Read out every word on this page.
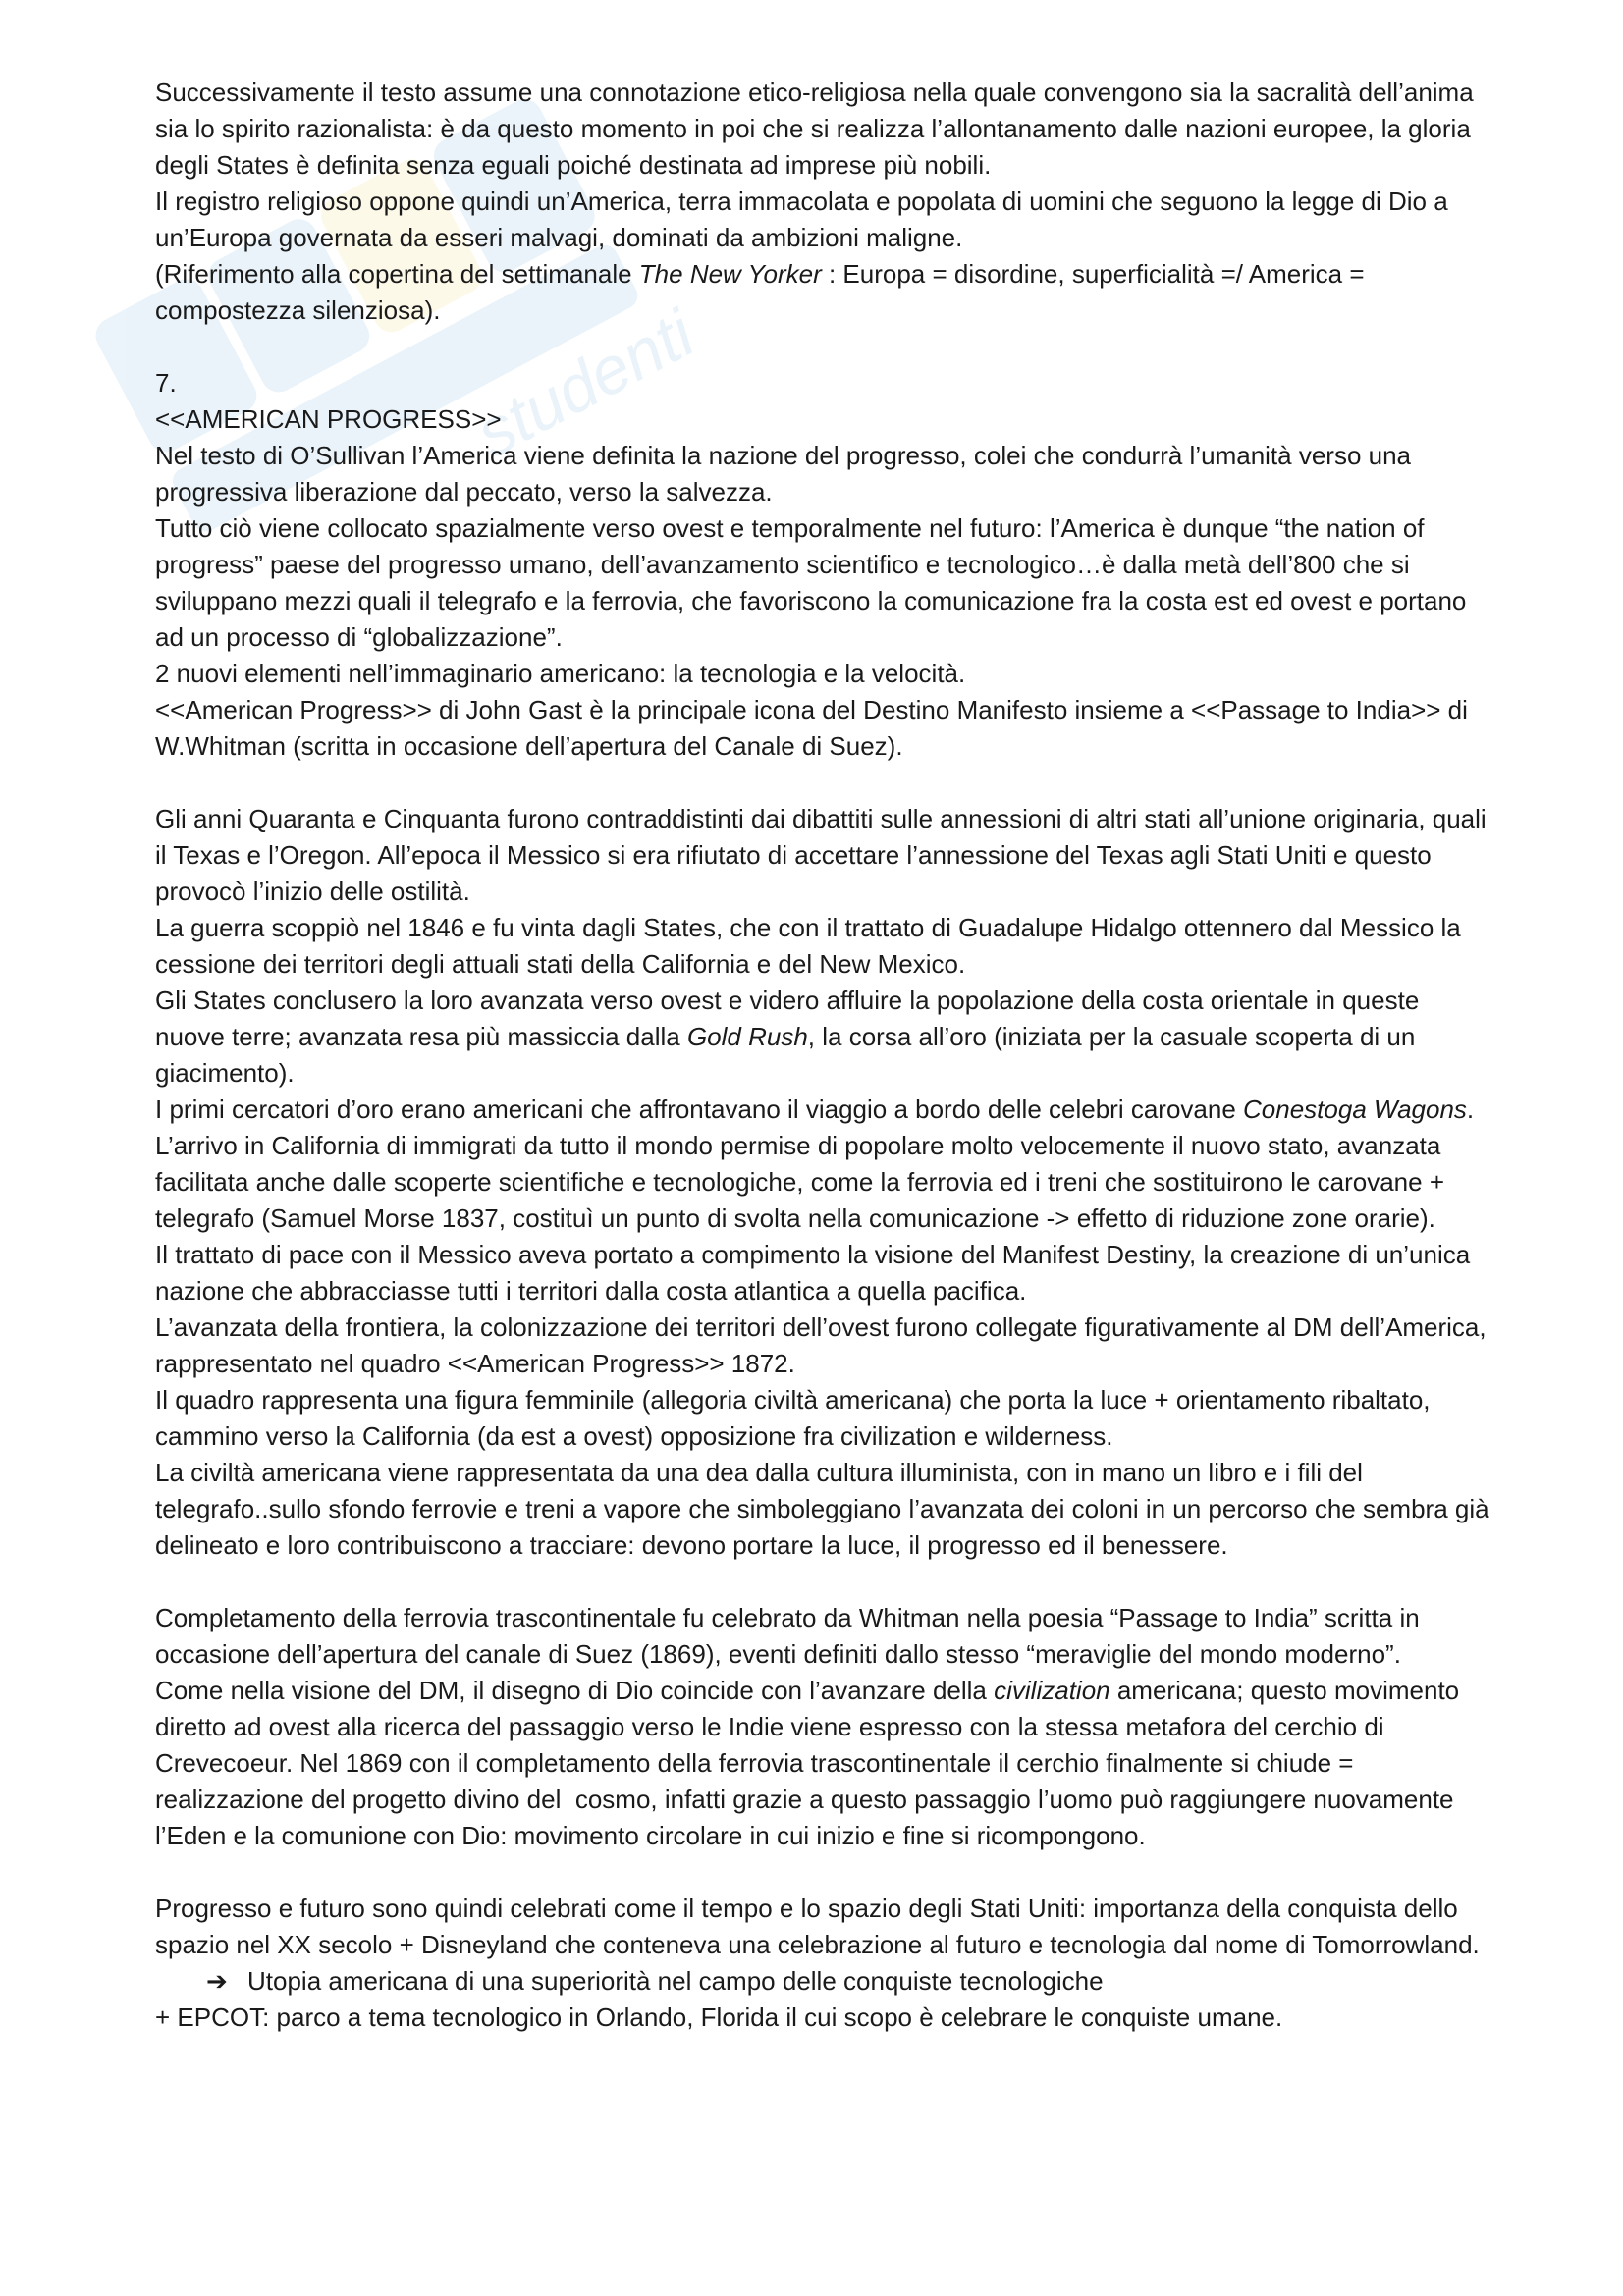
studenti

Successivamente il testo assume una connotazione etico-religiosa nella quale convengono sia la sacralità dell’anima sia lo spirito razionalista: è da questo momento in poi che si realizza l’allontanamento dalle nazioni europee, la gloria degli States è definita senza eguali poiché destinata ad imprese più nobili.

Il registro religioso oppone quindi un’America, terra immacolata e popolata di uomini che seguono la legge di Dio a un’Europa governata da esseri malvagi, dominati da ambizioni maligne.

(Riferimento alla copertina del settimanale The New Yorker : Europa = disordine, superficialità =/ America = compostezza silenziosa).

7.

<<AMERICAN PROGRESS>>

Nel testo di O’Sullivan l’America viene definita la nazione del progresso, colei che condurrà l’umanità verso una progressiva liberazione dal peccato, verso la salvezza.

Tutto ciò viene collocato spazialmente verso ovest e temporalmente nel futuro: l’America è dunque “the nation of progress” paese del progresso umano, dell’avanzamento scientifico e tecnologico…è dalla metà dell’800 che si sviluppano mezzi quali il telegrafo e la ferrovia, che favoriscono la comunicazione fra la costa est ed ovest e portano ad un processo di “globalizzazione”.

2 nuovi elementi nell’immaginario americano: la tecnologia e la velocità.

<<American Progress>> di John Gast è la principale icona del Destino Manifesto insieme a <<Passage to India>> di W.Whitman (scritta in occasione dell’apertura del Canale di Suez).

Gli anni Quaranta e Cinquanta furono contraddistinti dai dibattiti sulle annessioni di altri stati all’unione originaria, quali il Texas e l’Oregon. All’epoca il Messico si era rifiutato di accettare l’annessione del Texas agli Stati Uniti e questo provocò l’inizio delle ostilità.

La guerra scoppiò nel 1846 e fu vinta dagli States, che con il trattato di Guadalupe Hidalgo ottennero dal Messico la cessione dei territori degli attuali stati della California e del New Mexico.

Gli States conclusero la loro avanzata verso ovest e videro affluire la popolazione della costa orientale in queste nuove terre; avanzata resa più massiccia dalla Gold Rush, la corsa all’oro (iniziata per la casuale scoperta di un giacimento).

I primi cercatori d’oro erano americani che affrontavano il viaggio a bordo delle celebri carovane Conestoga Wagons.

L’arrivo in California di immigrati da tutto il mondo permise di popolare molto velocemente il nuovo stato, avanzata facilitata anche dalle scoperte scientifiche e tecnologiche, come la ferrovia ed i treni che sostituirono le carovane + telegrafo (Samuel Morse 1837, costituì un punto di svolta nella comunicazione -> effetto di riduzione zone orarie).

Il trattato di pace con il Messico aveva portato a compimento la visione del Manifest Destiny, la creazione di un’unica nazione che abbracciasse tutti i territori dalla costa atlantica a quella pacifica.

L’avanzata della frontiera, la colonizzazione dei territori dell’ovest furono collegate figurativamente al DM dell’America, rappresentato nel quadro <<American Progress>> 1872.

Il quadro rappresenta una figura femminile (allegoria civiltà americana) che porta la luce + orientamento ribaltato, cammino verso la California (da est a ovest) opposizione fra civilization e wilderness.

La civiltà americana viene rappresentata da una dea dalla cultura illuminista, con in mano un libro e i fili del telegrafo..sullo sfondo ferrovie e treni a vapore che simboleggiano l’avanzata dei coloni in un percorso che sembra già delineato e loro contribuiscono a tracciare: devono portare la luce, il progresso ed il benessere.

Completamento della ferrovia trascontinentale fu celebrato da Whitman nella poesia “Passage to India” scritta in occasione dell’apertura del canale di Suez (1869), eventi definiti dallo stesso “meraviglie del mondo moderno”.

Come nella visione del DM, il disegno di Dio coincide con l’avanzare della civilization americana; questo movimento diretto ad ovest alla ricerca del passaggio verso le Indie viene espresso con la stessa metafora del cerchio di Crevecoeur. Nel 1869 con il completamento della ferrovia trascontinentale il cerchio finalmente si chiude = realizzazione del progetto divino del  cosmo, infatti grazie a questo passaggio l’uomo può raggiungere nuovamente l’Eden e la comunione con Dio: movimento circolare in cui inizio e fine si ricompongono.

Progresso e futuro sono quindi celebrati come il tempo e lo spazio degli Stati Uniti: importanza della conquista dello spazio nel XX secolo + Disneyland che conteneva una celebrazione al futuro e tecnologia dal nome di Tomorrowland.

➔ Utopia americana di una superiorità nel campo delle conquiste tecnologiche

+ EPCOT: parco a tema tecnologico in Orlando, Florida il cui scopo è celebrare le conquiste umane.
